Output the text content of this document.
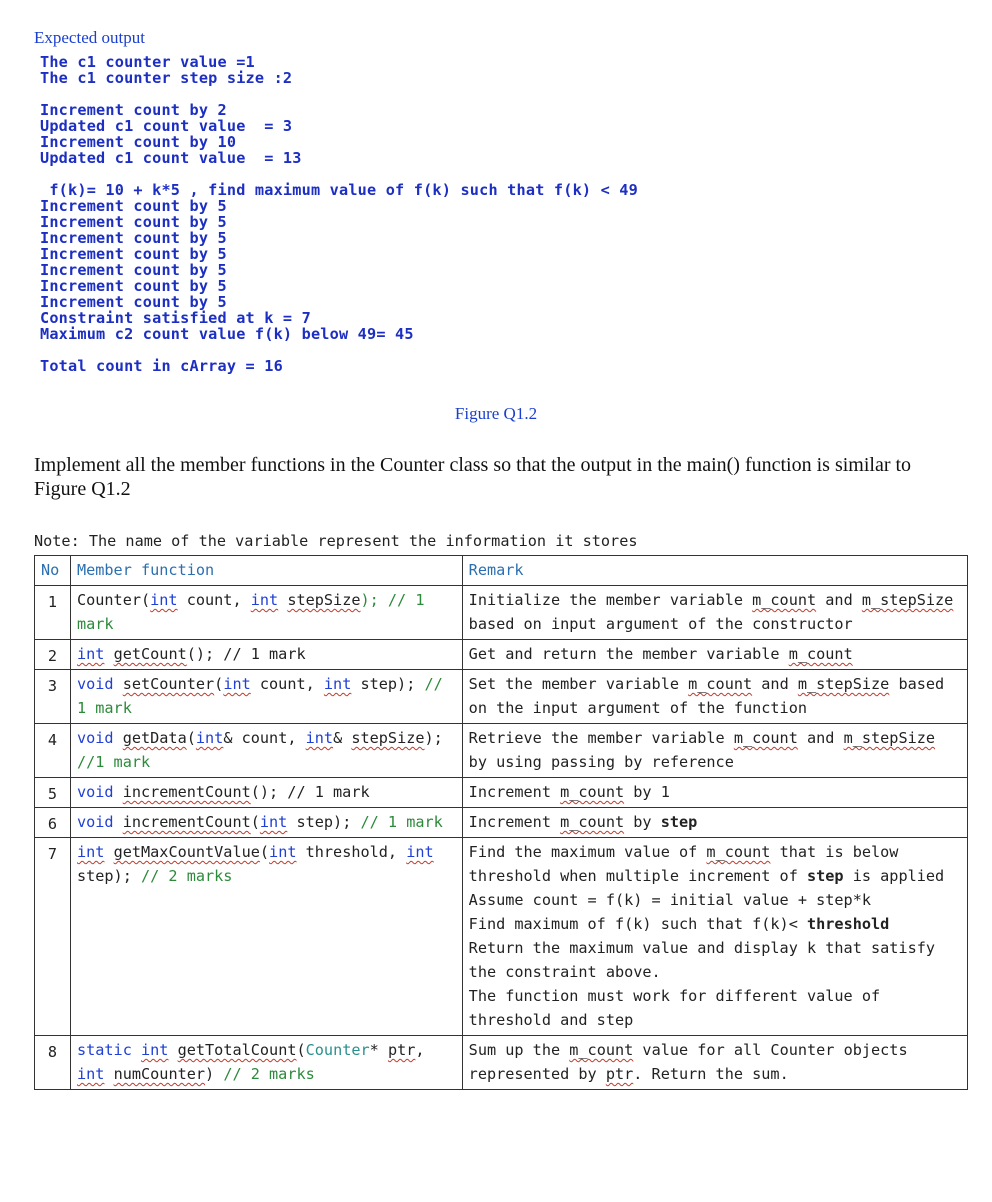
Expected output
The c1 counter value =1
The c1 counter step size :2
Increment count by 2
Updated c1 count value  = 3
Increment count by 10
Updated c1 count value  = 13
f(k)= 10 + k*5 , find maximum value of f(k) such that f(k) < 49
Increment count by 5
Increment count by 5
Increment count by 5
Increment count by 5
Increment count by 5
Increment count by 5
Increment count by 5
Constraint satisfied at k = 7
Maximum c2 count value f(k) below 49= 45
Total count in cArray = 16
Figure Q1.2
Implement all the member functions in the Counter class so that the output in the main() function is similar to Figure Q1.2
Note: The name of the variable represent the information it stores
No	Member function	Remark
1	Counter(int count, int stepSize); // 1 mark	Initialize the member variable m_count and m_stepSize based on input argument of the constructor
2	int getCount(); // 1 mark	Get and return the member variable m_count
3	void setCounter(int count, int step); // 1 mark	Set the member variable m_count and m_stepSize based on the input argument of the function
4	void getData(int& count, int& stepSize); //1 mark	Retrieve the member variable m_count and m_stepSize by using passing by reference
5	void incrementCount(); // 1 mark	Increment m_count by 1
6	void incrementCount(int step); // 1 mark	Increment m_count by step
7	int getMaxCountValue(int threshold, int step); // 2 marks	Find the maximum value of m_count that is below threshold when multiple increment of step is applied
Assume count = f(k) = initial value + step*k
Find maximum of f(k) such that f(k)< threshold
Return the maximum value and display k that satisfy the constraint above.
The function must work for different value of threshold and step
8	static int getTotalCount(Counter* ptr, int numCounter) // 2 marks	Sum up the m_count value for all Counter objects represented by ptr. Return the sum.
